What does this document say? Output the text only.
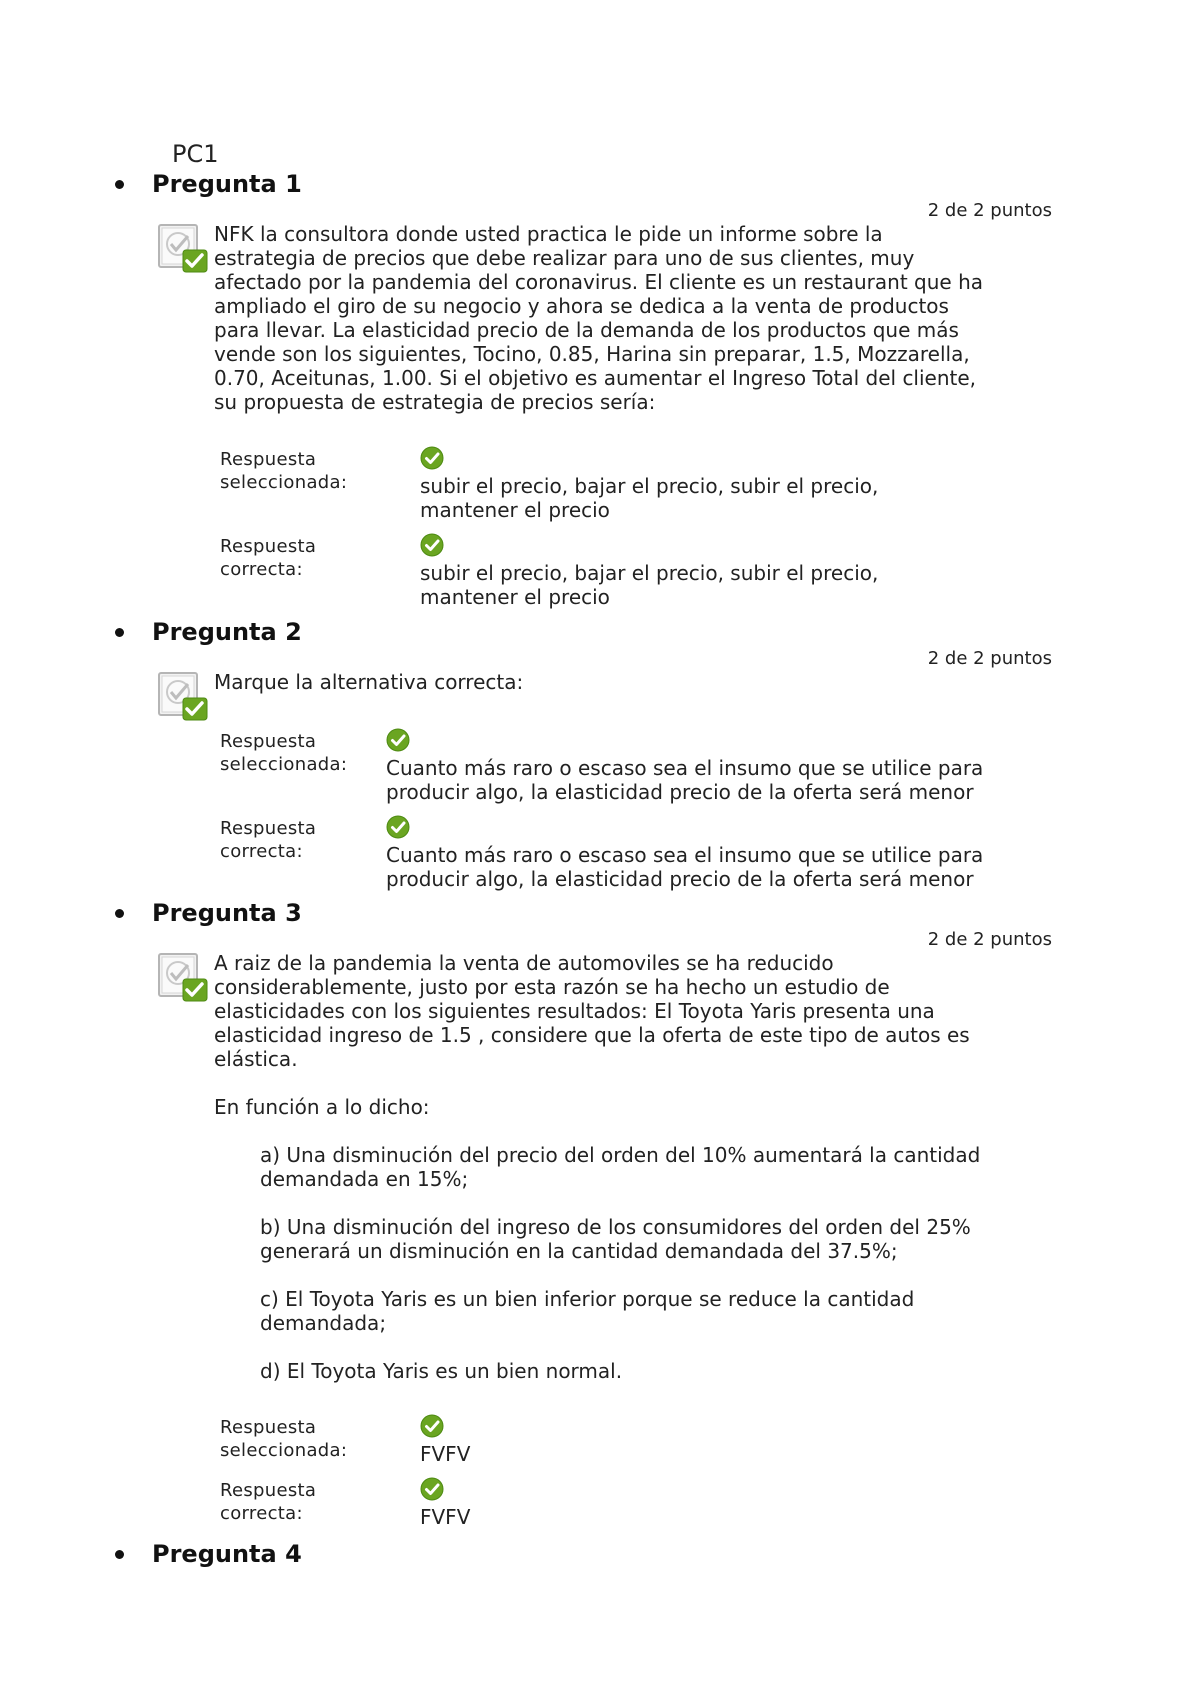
PC1
Pregunta 1
2 de 2 puntos

NFK la consultora donde usted practica le pide un informe sobre la

estrategia de precios que debe realizar para uno de sus clientes, muy

afectado por la pandemia del coronavirus. El cliente es un restaurant que ha

ampliado el giro de su negocio y ahora se dedica a la venta de productos

para llevar. La elasticidad precio de la demanda de los productos que más

vende son los siguientes, Tocino, 0.85, Harina sin preparar, 1.5, Mozzarella,

0.70, Aceitunas, 1.00. Si el objetivo es aumentar el Ingreso Total del cliente,

su propuesta de estrategia de precios sería:

Respuesta
seleccionada:	subir el precio, bajar el precio, subir el precio,
mantener el precio
Respuesta
correcta:	subir el precio, bajar el precio, subir el precio,
mantener el precio
Pregunta 2
2 de 2 puntos

Marque la alternativa correcta:

Respuesta
seleccionada: Cuanto más raro o escaso sea el insumo que se utilice para
producir algo, la elasticidad precio de la oferta será menor
Respuesta
correcta:	Cuanto más raro o escaso sea el insumo que se utilice para
producir algo, la elasticidad precio de la oferta será menor
Pregunta 3
2 de 2 puntos

A raiz de la pandemia la venta de automoviles se ha reducido

considerablemente, justo por esta razón se ha hecho un estudio de

elasticidades con los siguientes resultados: El Toyota Yaris presenta una

elasticidad ingreso de 1.5 , considere que la oferta de este tipo de autos es

elástica.

En función a lo dicho:

a) Una disminución del precio del orden del 10% aumentará la cantidad

demandada en 15%;

b) Una disminución del ingreso de los consumidores del orden del 25%

generará un disminución en la cantidad demandada del 37.5%;

c) El Toyota Yaris es un bien inferior porque se reduce la cantidad

demandada;

d) El Toyota Yaris es un bien normal.

Respuesta
seleccionada:	FVFV
Respuesta
correcta:	FVFV
Pregunta 4
